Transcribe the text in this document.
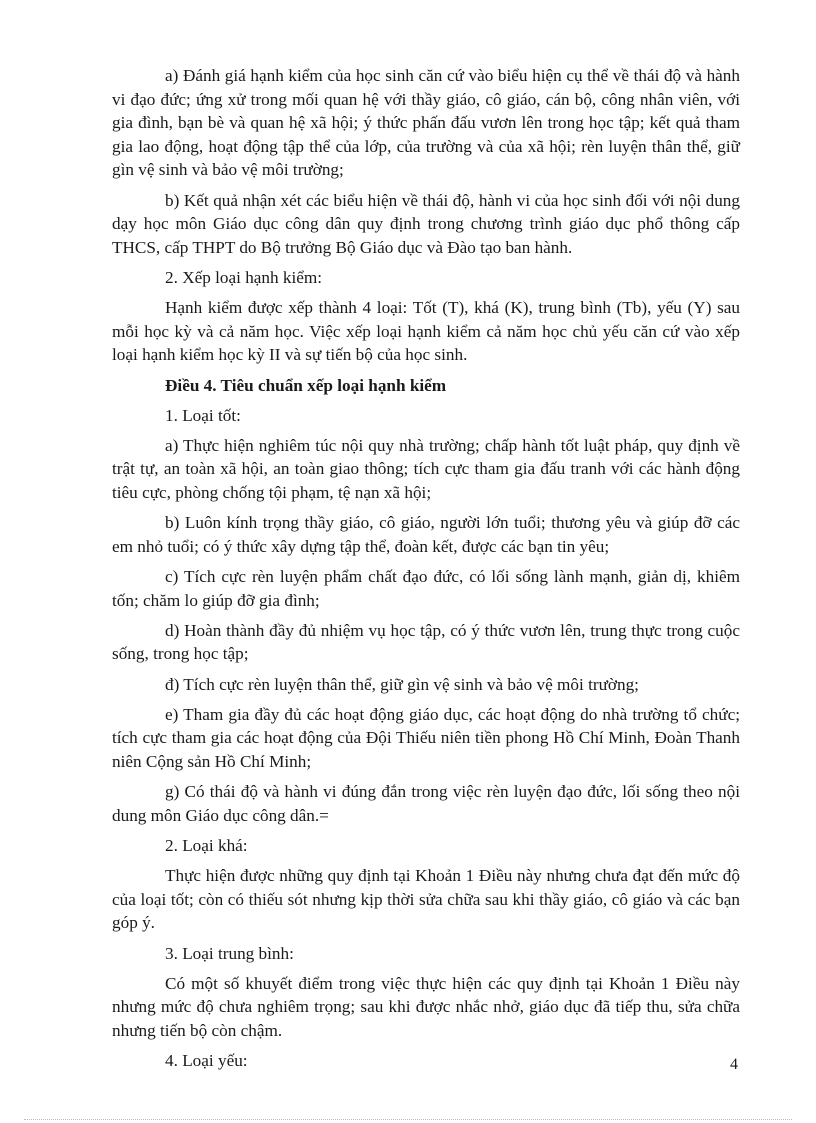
a) Đánh giá hạnh kiểm của học sinh căn cứ vào biểu hiện cụ thể về thái độ và hành vi đạo đức; ứng xử trong mối quan hệ với thầy giáo, cô giáo, cán bộ, công nhân viên, với gia đình, bạn bè và quan hệ xã hội; ý thức phấn đấu vươn lên trong học tập; kết quả tham gia lao động, hoạt động tập thể của lớp, của trường và của xã hội; rèn luyện thân thể, giữ gìn vệ sinh và bảo vệ môi trường;

b) Kết quả nhận xét các biểu hiện về thái độ, hành vi của học sinh đối với nội dung dạy học môn Giáo dục công dân quy định trong chương trình giáo dục phổ thông cấp THCS, cấp THPT do Bộ trưởng Bộ Giáo dục và Đào tạo ban hành.

2. Xếp loại hạnh kiểm:

Hạnh kiểm được xếp thành 4 loại: Tốt (T), khá (K), trung bình (Tb), yếu (Y) sau mỗi học kỳ và cả năm học. Việc xếp loại hạnh kiểm cả năm học chủ yếu căn cứ vào xếp loại hạnh kiểm học kỳ II và sự tiến bộ của học sinh.

Điều 4. Tiêu chuẩn xếp loại hạnh kiểm

1. Loại tốt:

a) Thực hiện nghiêm túc nội quy nhà trường; chấp hành tốt luật pháp, quy định về trật tự, an toàn xã hội, an toàn giao thông; tích cực tham gia đấu tranh với các hành động tiêu cực, phòng chống tội phạm, tệ nạn xã hội;

b) Luôn kính trọng thầy giáo, cô giáo, người lớn tuổi; thương yêu và giúp đỡ các em nhỏ tuổi; có ý thức xây dựng tập thể, đoàn kết, được các bạn tin yêu;

c) Tích cực rèn luyện phẩm chất đạo đức, có lối sống lành mạnh, giản dị, khiêm tốn; chăm lo giúp đỡ gia đình;

d) Hoàn thành đầy đủ nhiệm vụ học tập, có ý thức vươn lên, trung thực trong cuộc sống, trong học tập;

đ) Tích cực rèn luyện thân thể, giữ gìn vệ sinh và bảo vệ môi trường;

e) Tham gia đầy đủ các hoạt động giáo dục, các hoạt động do nhà trường tổ chức; tích cực tham gia các hoạt động của Đội Thiếu niên tiền phong Hồ Chí Minh, Đoàn Thanh niên Cộng sản Hồ Chí Minh;

g) Có thái độ và hành vi đúng đắn trong việc rèn luyện đạo đức, lối sống theo nội dung môn Giáo dục công dân.=

2. Loại khá:

Thực hiện được những quy định tại Khoản 1 Điều này nhưng chưa đạt đến mức độ của loại tốt; còn có thiếu sót nhưng kịp thời sửa chữa sau khi thầy giáo, cô giáo và các bạn góp ý.

3. Loại trung bình:

Có một số khuyết điểm trong việc thực hiện các quy định tại Khoản 1 Điều này nhưng mức độ chưa nghiêm trọng; sau khi được nhắc nhở, giáo dục đã tiếp thu, sửa chữa nhưng tiến bộ còn chậm.

4. Loại yếu:	4
